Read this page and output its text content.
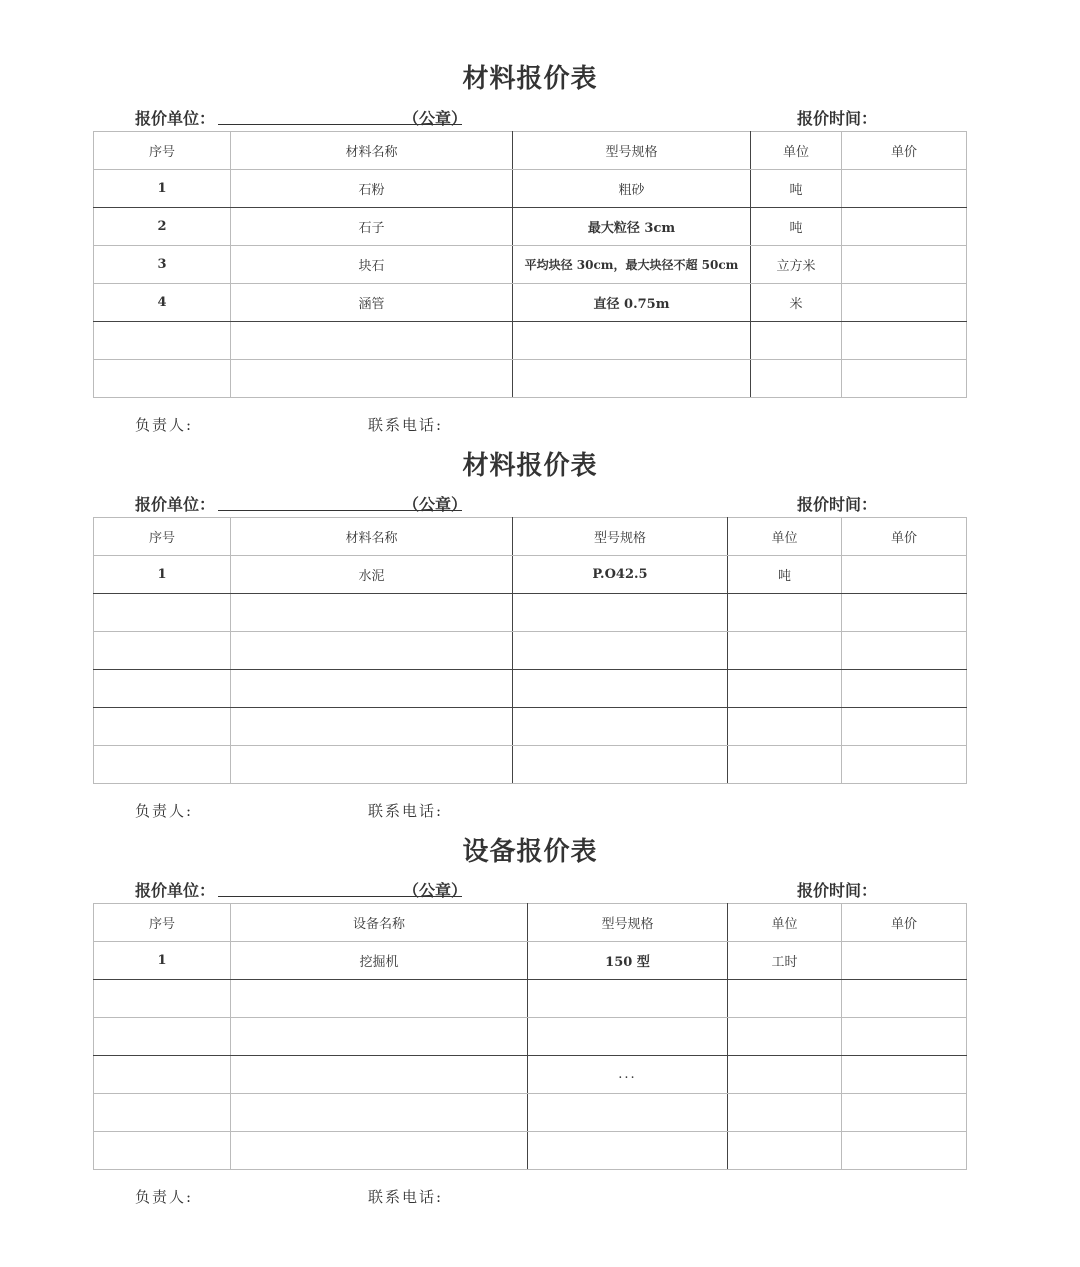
材料报价表
报价单位：	（公章）	报价时间：
序号	材料名称	型号规格	单位	单价
1	石粉	粗砂	吨	
2	石子	最大粒径 3cm	吨	
3	块石	平均块径 30cm，最大块径不超 50cm	立方米	
4	涵管	直径 0.75m	米	

负责人:	联系电话:
材料报价表
报价单位：	（公章）	报价时间：
序号	材料名称	型号规格	单位	单价
1	水泥	P.O42.5	吨	

负责人:	联系电话:
设备报价表
报价单位：	（公章）	报价时间：
序号	设备名称	型号规格	单位	单价
1	挖掘机	150 型	工时	

		...		

负责人:	联系电话:
